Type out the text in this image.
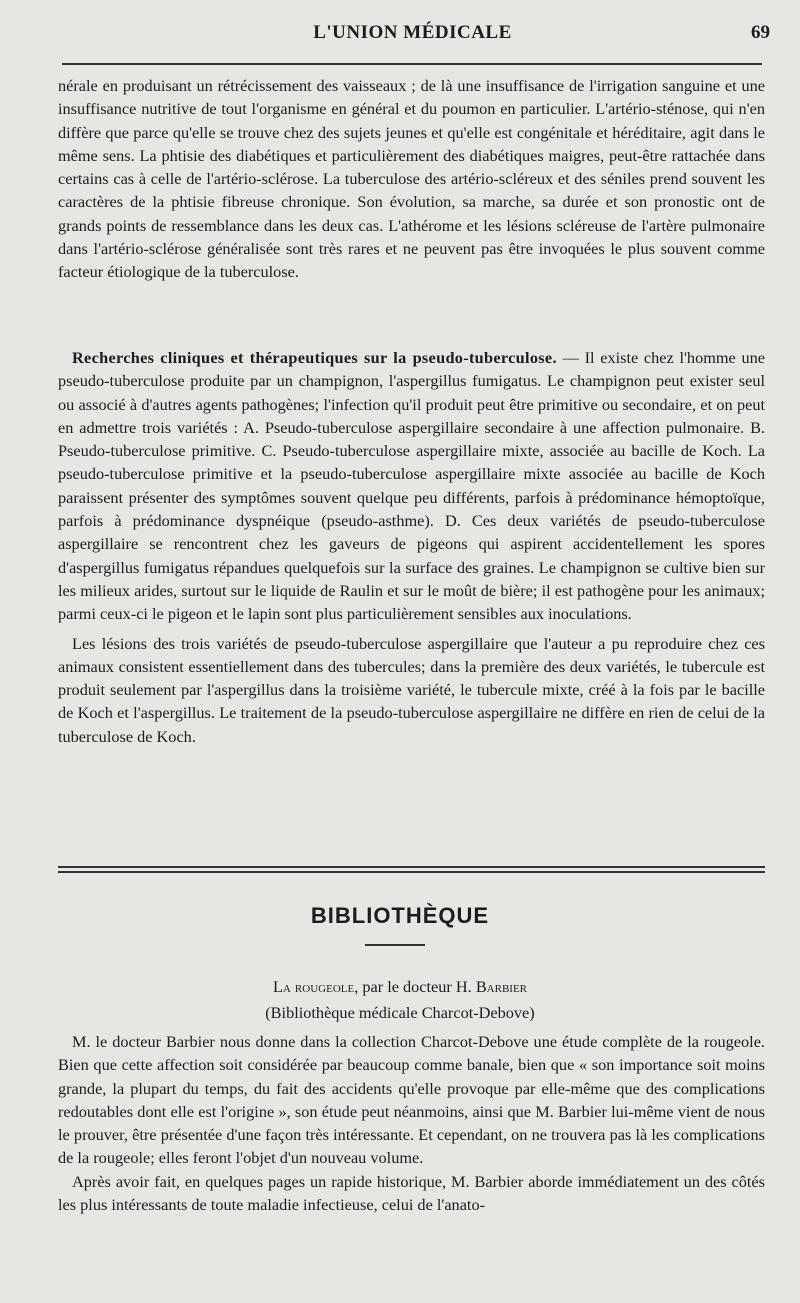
L'UNION MÉDICALE	69

nérale en produisant un rétrécissement des vaisseaux ; de là une insuffisance de l'irrigation sanguine et une insuffisance nutritive de tout l'organisme en général et du poumon en particulier. L'artério-sténose, qui n'en diffère que parce qu'elle se trouve chez des sujets jeunes et qu'elle est congénitale et héréditaire, agit dans le même sens. La phtisie des diabétiques et particulièrement des diabétiques maigres, peut-être rattachée dans certains cas à celle de l'artério-sclérose. La tuberculose des artério-scléreux et des séniles prend souvent les caractères de la phtisie fibreuse chronique. Son évolution, sa marche, sa durée et son pronostic ont de grands points de ressemblance dans les deux cas. L'athérome et les lésions scléreuse de l'artère pulmonaire dans l'artério-sclérose généralisée sont très rares et ne peuvent pas être invoquées le plus souvent comme facteur étiologique de la tuberculose.

Recherches cliniques et thérapeutiques sur la pseudo-tuberculose. — Il existe chez l'homme une pseudo-tuberculose produite par un champignon, l'aspergillus fumigatus. Le champignon peut exister seul ou associé à d'autres agents pathogènes; l'infection qu'il produit peut être primitive ou secondaire, et on peut en admettre trois variétés : A. Pseudo-tuberculose aspergillaire secondaire à une affection pulmonaire. B. Pseudo-tuberculose primitive. C. Pseudo-tuberculose aspergillaire mixte, associée au bacille de Koch. La pseudo-tuberculose primitive et la pseudo-tuberculose aspergillaire mixte associée au bacille de Koch paraissent présenter des symptômes souvent quelque peu différents, parfois à prédominance hémoptoïque, parfois à prédominance dyspnéique (pseudo-asthme). D. Ces deux variétés de pseudo-tuberculose aspergillaire se rencontrent chez les gaveurs de pigeons qui aspirent accidentellement les spores d'aspergillus fumigatus répandues quelquefois sur la surface des graines. Le champignon se cultive bien sur les milieux arides, surtout sur le liquide de Raulin et sur le moût de bière; il est pathogène pour les animaux; parmi ceux-ci le pigeon et le lapin sont plus particulièrement sensibles aux inoculations.

Les lésions des trois variétés de pseudo-tuberculose aspergillaire que l'auteur a pu reproduire chez ces animaux consistent essentiellement dans des tubercules; dans la première des deux variétés, le tubercule est produit seulement par l'aspergillus dans la troisième variété, le tubercule mixte, créé à la fois par le bacille de Koch et l'aspergillus. Le traitement de la pseudo-tuberculose aspergillaire ne diffère en rien de celui de la tuberculose de Koch.

BIBLIOTHÈQUE
La rougeole, par le docteur H. Barbier
(Bibliothèque médicale Charcot-Debove)

M. le docteur Barbier nous donne dans la collection Charcot-Debove une étude complète de la rougeole. Bien que cette affection soit considérée par beaucoup comme banale, bien que « son importance soit moins grande, la plupart du temps, du fait des accidents qu'elle provoque par elle-même que des complications redoutables dont elle est l'origine », son étude peut néanmoins, ainsi que M. Barbier lui-même vient de nous le prouver, être présentée d'une façon très intéressante. Et cependant, on ne trouvera pas là les complications de la rougeole; elles feront l'objet d'un nouveau volume.

Après avoir fait, en quelques pages un rapide historique, M. Barbier aborde immédiatement un des côtés les plus intéressants de toute maladie infectieuse, celui de l'anato-
